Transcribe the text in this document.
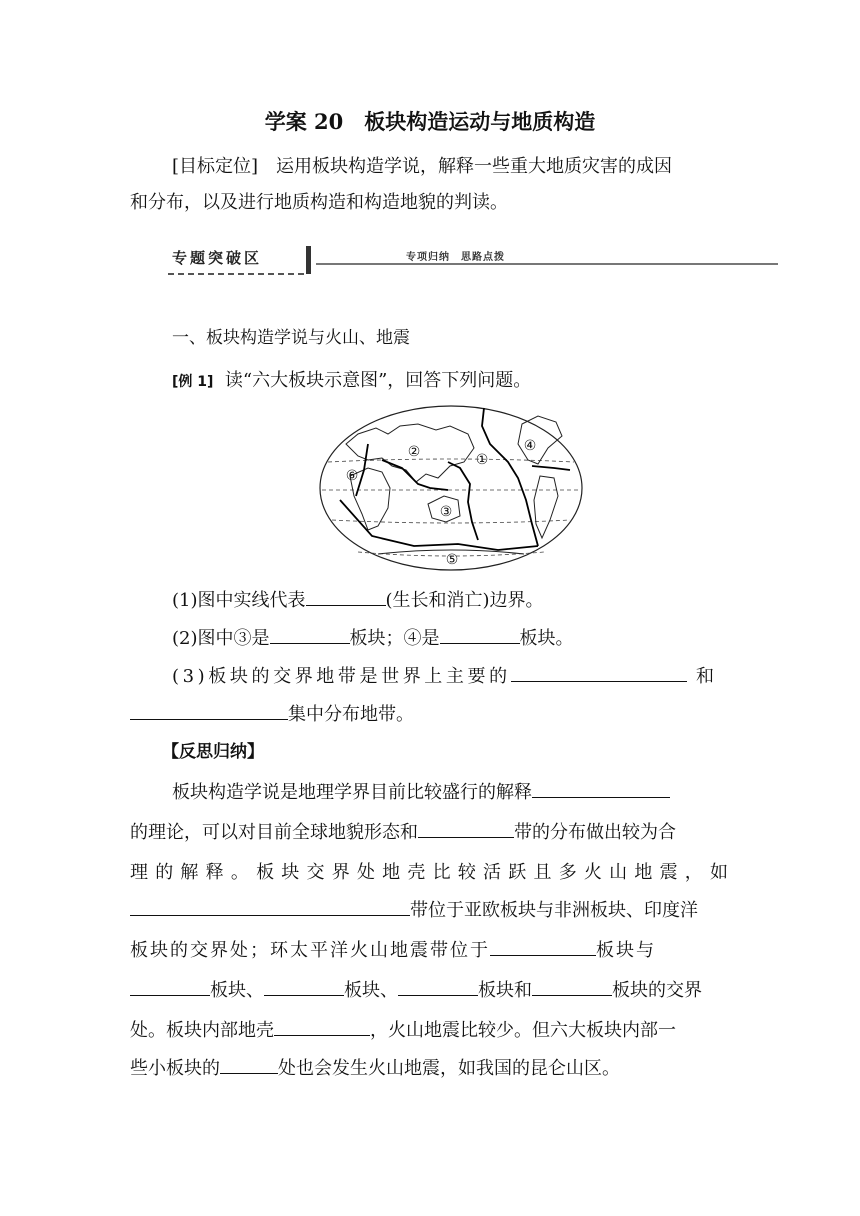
学案 20　板块构造运动与地质构造
[目标定位]　 运用板块构造学说，解释一些重大地质灾害的成因
和分布，以及进行地质构造和构造地貌的判读。
专题突破区	专项归纳　思路点拨
一、板块构造学说与火山、地震
[例 1] 读“六大板块示意图”，回答下列问题。
①
②
③
④
⑤
⑥
(1)图中实线代表	(生长和消亡)边界。
(2)图中③是	板块；④是	板块。
(3)板块的交界地带是世界上主要的	和
集中分布地带。
【反思归纳】
板块构造学说是地理学界目前比较盛行的解释
的理论，可以对目前全球地貌形态和	带的分布做出较为合
理的解释。板块交界处地壳比较活跃且多火山地震，如
带位于亚欧板块与非洲板块、印度洋
板块的交界处；环太平洋火山地震带位于	板块与
板块、	板块、	板块和	板块的交界
处。板块内部地壳	，火山地震比较少。但六大板块内部一
些小板块的	处也会发生火山地震，如我国的昆仑山区。
